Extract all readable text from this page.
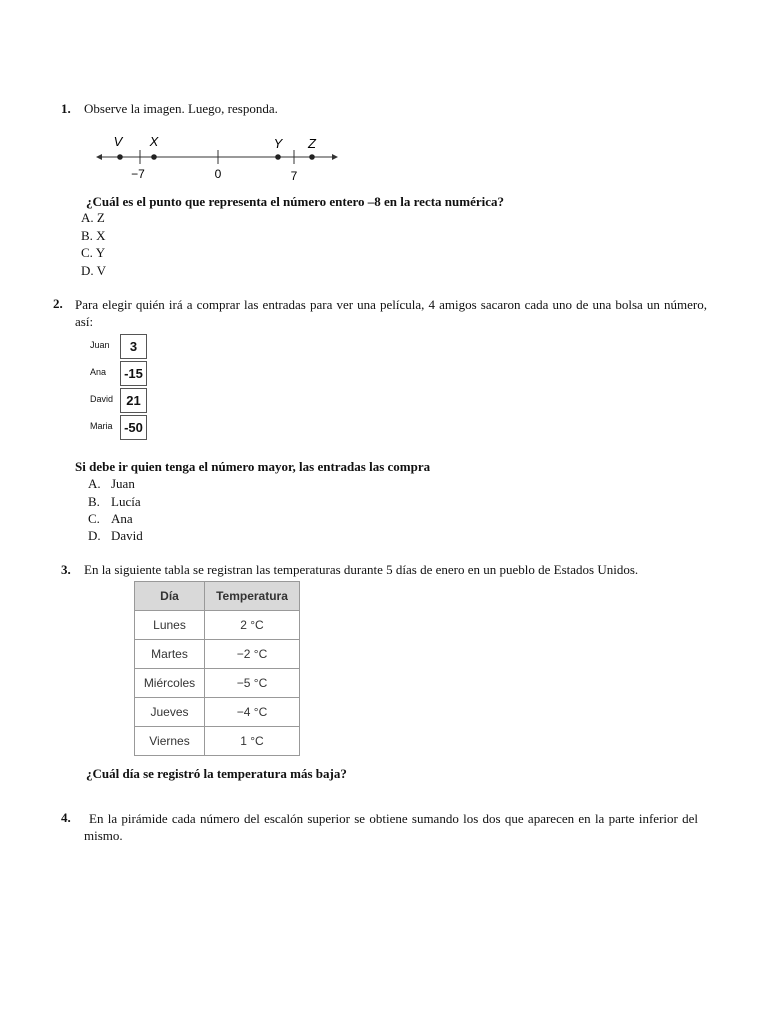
1. Observe la imagen. Luego, responda.
V X	Y Z
−7	0	7
¿Cuál es el punto que representa el número entero –8 en la recta numérica?
A. Z
B. X
C. Y
D. V
2. Para elegir quién irá a comprar las entradas para ver una película, 4 amigos sacaron cada uno de una bolsa un número, así:
Juan	3
Ana	-15
David	21
Maria -50
Si debe ir quien tenga el número mayor, las entradas las compra
A. Juan
B. Lucía
C. Ana
D. David
3. En la siguiente tabla se registran las temperaturas durante 5 días de enero en un pueblo de Estados Unidos.
Día	Temperatura
Lunes	2 °C
Martes	−2 °C
Miércoles	−5 °C
Jueves	−4 °C
Viernes	1 °C
¿Cuál día se registró la temperatura más baja?
4.	En la pirámide cada número del escalón superior se obtiene sumando los dos que aparecen en la parte inferior del mismo.
